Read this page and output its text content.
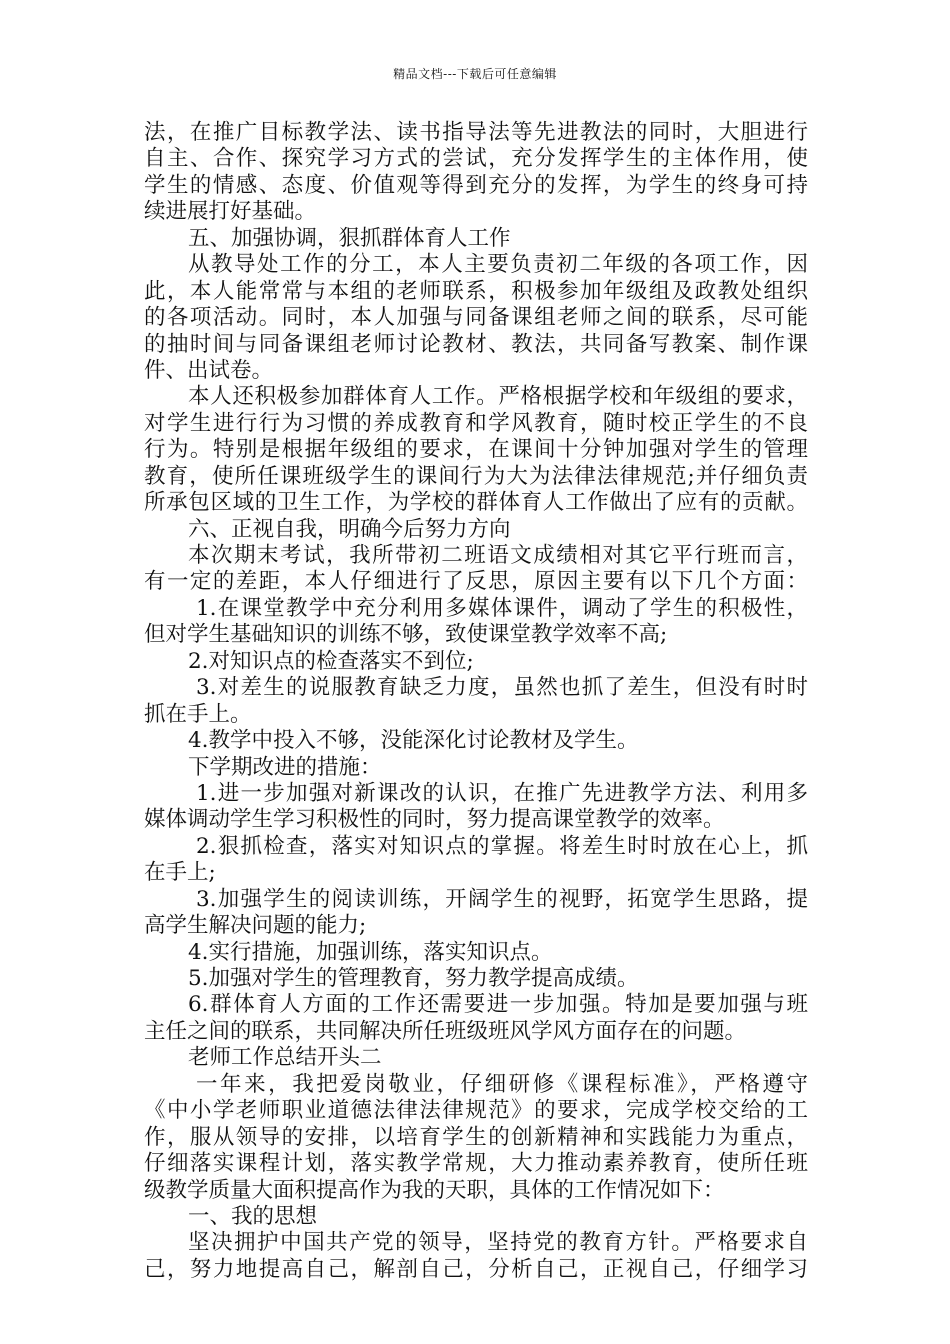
精品文档---下载后可任意编辑
法，在推广目标教学法、读书指导法等先进教法的同时，大胆进行
自主、合作、探究学习方式的尝试，充分发挥学生的主体作用，使
学生的情感、态度、价值观等得到充分的发挥，为学生的终身可持
续进展打好基础。
五、加强协调，狠抓群体育人工作
从教导处工作的分工，本人主要负责初二年级的各项工作，因
此，本人能常常与本组的老师联系，积极参加年级组及政教处组织
的各项活动。同时，本人加强与同备课组老师之间的联系，尽可能
的抽时间与同备课组老师讨论教材、教法，共同备写教案、制作课
件、出试卷。
本人还积极参加群体育人工作。严格根据学校和年级组的要求，
对学生进行行为习惯的养成教育和学风教育，随时校正学生的不良
行为。特别是根据年级组的要求，在课间十分钟加强对学生的管理
教育，使所任课班级学生的课间行为大为法律法律规范;并仔细负责
所承包区域的卫生工作，为学校的群体育人工作做出了应有的贡献。
六、正视自我，明确今后努力方向
本次期末考试，我所带初二班语文成绩相对其它平行班而言，
有一定的差距，本人仔细进行了反思，原因主要有以下几个方面：
1.在课堂教学中充分利用多媒体课件，调动了学生的积极性，
但对学生基础知识的训练不够，致使课堂教学效率不高;
2.对知识点的检查落实不到位;
3.对差生的说服教育缺乏力度，虽然也抓了差生，但没有时时
抓在手上。
4.教学中投入不够，没能深化讨论教材及学生。
下学期改进的措施：
1.进一步加强对新课改的认识，在推广先进教学方法、利用多
媒体调动学生学习积极性的同时，努力提高课堂教学的效率。
2.狠抓检查，落实对知识点的掌握。将差生时时放在心上，抓
在手上;
3.加强学生的阅读训练，开阔学生的视野，拓宽学生思路，提
高学生解决问题的能力;
4.实行措施，加强训练，落实知识点。
5.加强对学生的管理教育，努力教学提高成绩。
6.群体育人方面的工作还需要进一步加强。特加是要加强与班
主任之间的联系，共同解决所任班级班风学风方面存在的问题。
老师工作总结开头二
一年来，我把爱岗敬业，仔细研修《课程标准》，严格遵守
《中小学老师职业道德法律法律规范》的要求，完成学校交给的工
作，服从领导的安排，以培育学生的创新精神和实践能力为重点，
仔细落实课程计划，落实教学常规，大力推动素养教育，使所任班
级教学质量大面积提高作为我的天职，具体的工作情况如下：
一、我的思想
坚决拥护中国共产党的领导，坚持党的教育方针。严格要求自
己，努力地提高自己，解剖自己，分析自己，正视自己，仔细学习
